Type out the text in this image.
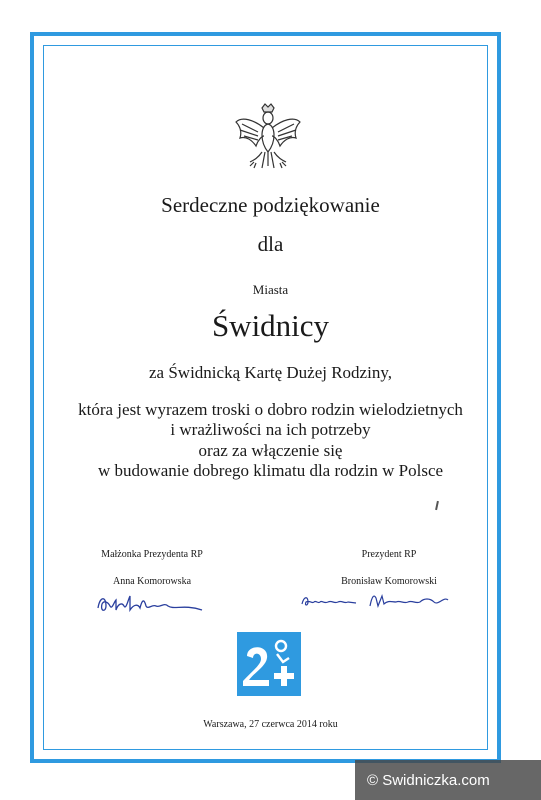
Serdeczne podziękowanie
dla
Miasta
Świdnicy
za Świdnicką Kartę Dużej Rodziny,
która jest wyrazem troski o dobro rodzin wielodzietnych
i wrażliwości na ich potrzeby
oraz za włączenie się
w budowanie dobrego klimatu dla rodzin w Polsce
Małżonka Prezydenta RP
Anna Komorowska
Prezydent RP
Bronisław Komorowski
Warszawa, 27 czerwca 2014 roku
© Swidniczka.com
